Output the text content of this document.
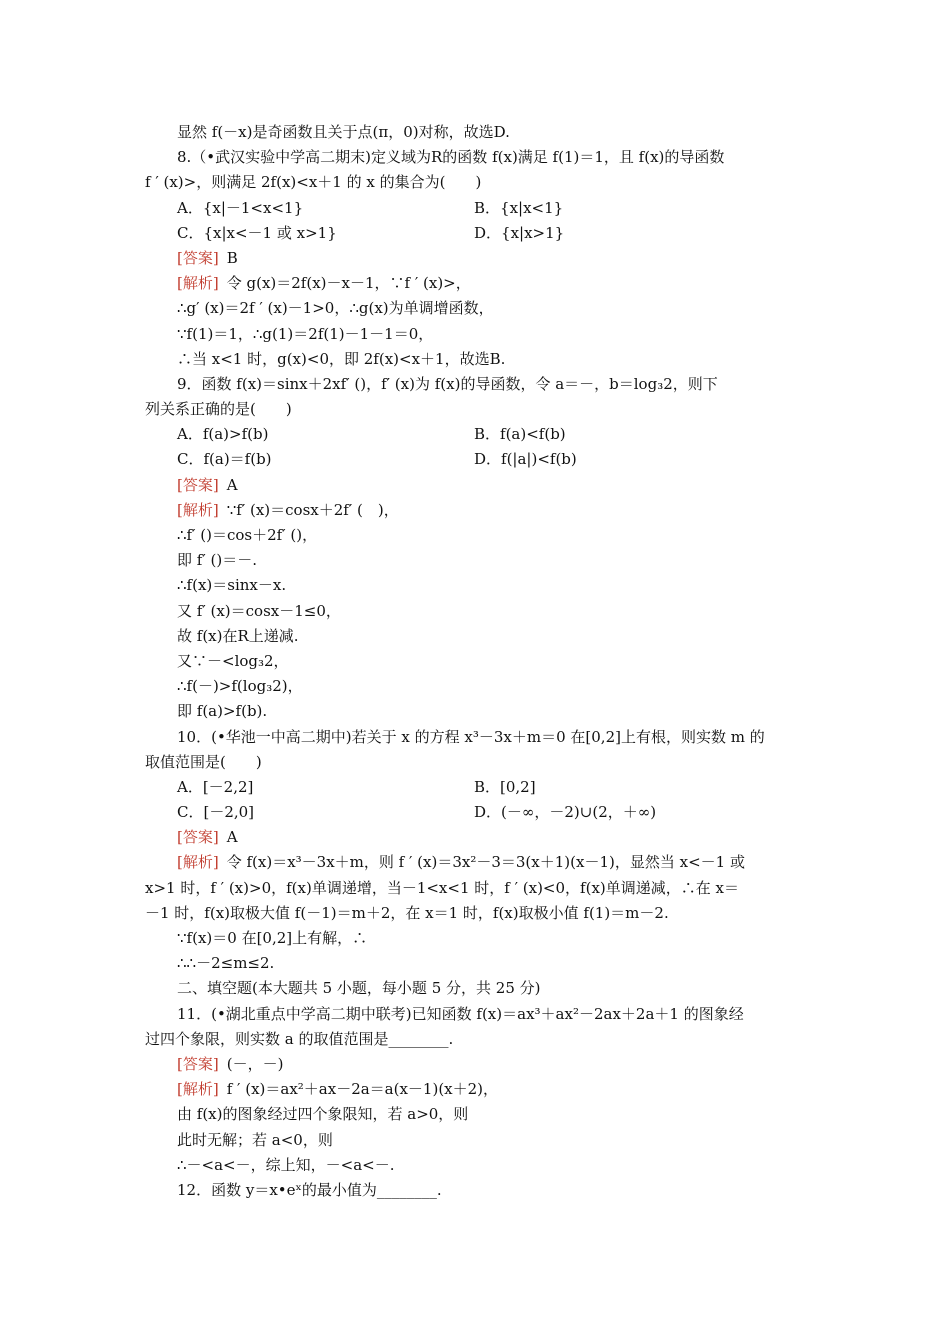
显然 f(－x)是奇函数且关于点(π，0)对称，故选D.
8.（•武汉实验中学高二期末)定义域为R的函数 f(x)满足 f(1)＝1，且 f(x)的导函数
f ′ (x)>，则满足 2f(x)<x＋1 的 x 的集合为(　　)
A．{x|－1<x<1}	B．{x|x<1}
C．{x|x<－1 或 x>1}	D．{x|x>1}
[答案] B
[解析] 令 g(x)＝2f(x)－x－1，∵f ′ (x)>，
∴g′ (x)＝2f ′ (x)－1>0，∴g(x)为单调增函数，
∵f(1)＝1，∴g(1)＝2f(1)－1－1＝0，
∴当 x<1 时，g(x)<0，即 2f(x)<x＋1，故选B.
9．函数 f(x)＝sinx＋2xf′ ()，f′ (x)为 f(x)的导函数，令 a＝－，b＝log₃2，则下
列关系正确的是(　　)
A．f(a)>f(b)	B．f(a)<f(b)
C．f(a)＝f(b)	D．f(|a|)<f(b)
[答案] A
[解析] ∵f′ (x)＝cosx＋2f′ (　)，
∴f′ ()＝cos＋2f′ ()，
即 f′ ()＝－.
∴f(x)＝sinx－x.
又 f′ (x)＝cosx－1≤0，
故 f(x)在R上递减.
又∵－<log₃2，
∴f(－)>f(log₃2)，
即 f(a)>f(b).
10．(•华池一中高二期中)若关于 x 的方程 x³－3x＋m＝0 在[0,2]上有根，则实数 m 的
取值范围是(　　)
A．[－2,2]	B．[0,2]
C．[－2,0]	D．(－∞，－2)∪(2，＋∞)
[答案] A
[解析] 令 f(x)＝x³－3x＋m，则 f ′ (x)＝3x²－3＝3(x＋1)(x－1)，显然当 x<－1 或
x>1 时，f ′ (x)>0，f(x)单调递增，当－1<x<1 时，f ′ (x)<0，f(x)单调递减，∴在 x＝
－1 时，f(x)取极大值 f(－1)＝m＋2，在 x＝1 时，f(x)取极小值 f(1)＝m－2.
∵f(x)＝0 在[0,2]上有解，∴
∴∴－2≤m≤2.
二、填空题(本大题共 5 小题，每小题 5 分，共 25 分)
11．(•湖北重点中学高二期中联考)已知函数 f(x)＝ax³＋ax²－2ax＋2a＋1 的图象经
过四个象限，则实数 a 的取值范围是________.
[答案] (－，－)
[解析] f ′ (x)＝ax²＋ax－2a＝a(x－1)(x＋2)，
由 f(x)的图象经过四个象限知，若 a>0，则
此时无解；若 a<0，则
∴－<a<－，综上知，－<a<－.
12．函数 y＝x•eˣ的最小值为________.
